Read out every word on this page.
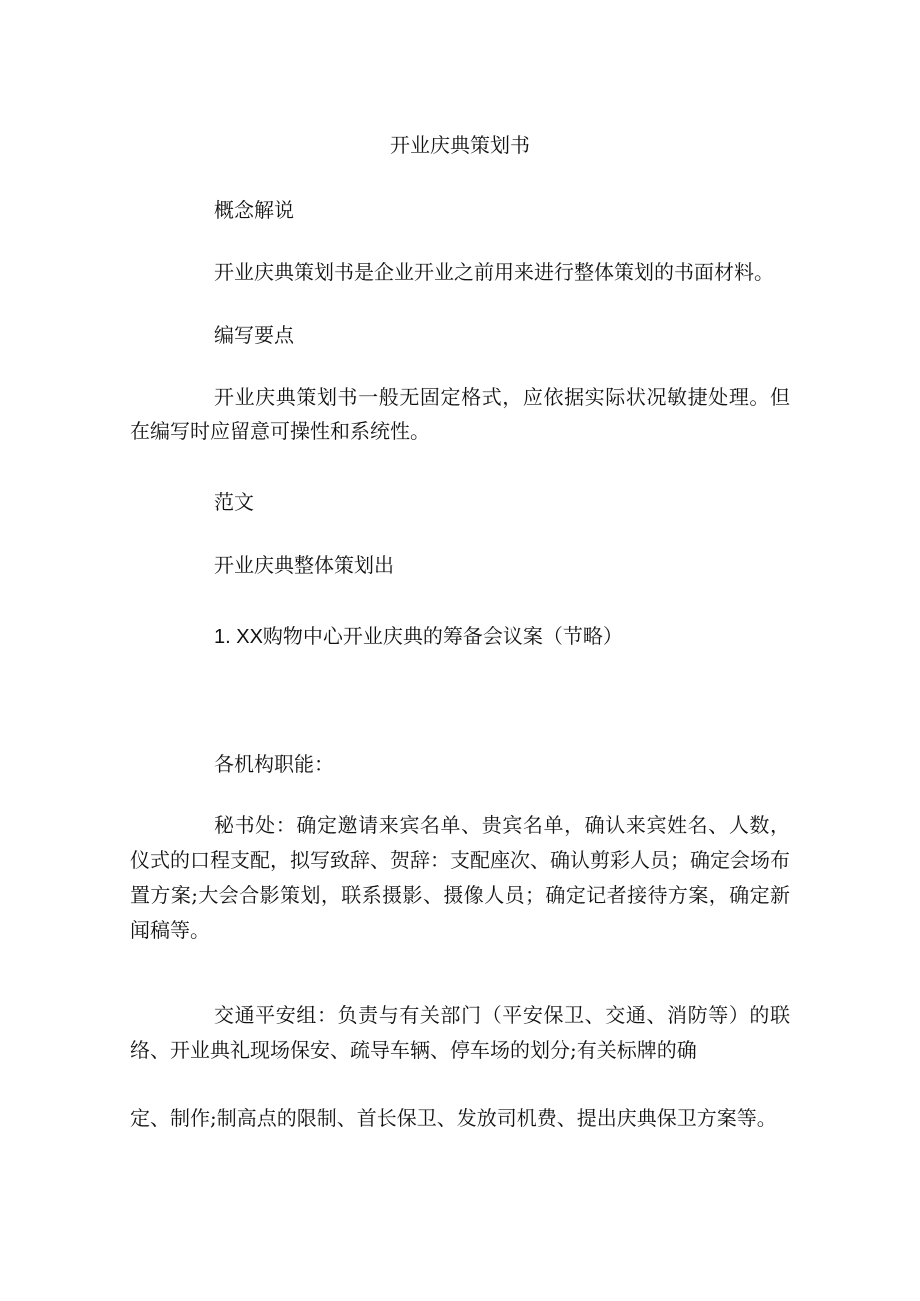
开业庆典策划书

概念解说

开业庆典策划书是企业开业之前用来进行整体策划的书面材料。

编写要点

开业庆典策划书一般无固定格式，应依据实际状况敏捷处理。但在编写时应留意可操性和系统性。

范文

开业庆典整体策划出

1. XX购物中心开业庆典的筹备会议案（节略）

各机构职能：

秘书处：确定邀请来宾名单、贵宾名单，确认来宾姓名、人数，仪式的口程支配，拟写致辞、贺辞：支配座次、确认剪彩人员；确定会场布置方案;大会合影策划，联系摄影、摄像人员；确定记者接待方案，确定新闻稿等。

交通平安组：负责与有关部门（平安保卫、交通、消防等）的联络、开业典礼现场保安、疏导车辆、停车场的划分;有关标牌的确

定、制作;制高点的限制、首长保卫、发放司机费、提出庆典保卫方案等。
